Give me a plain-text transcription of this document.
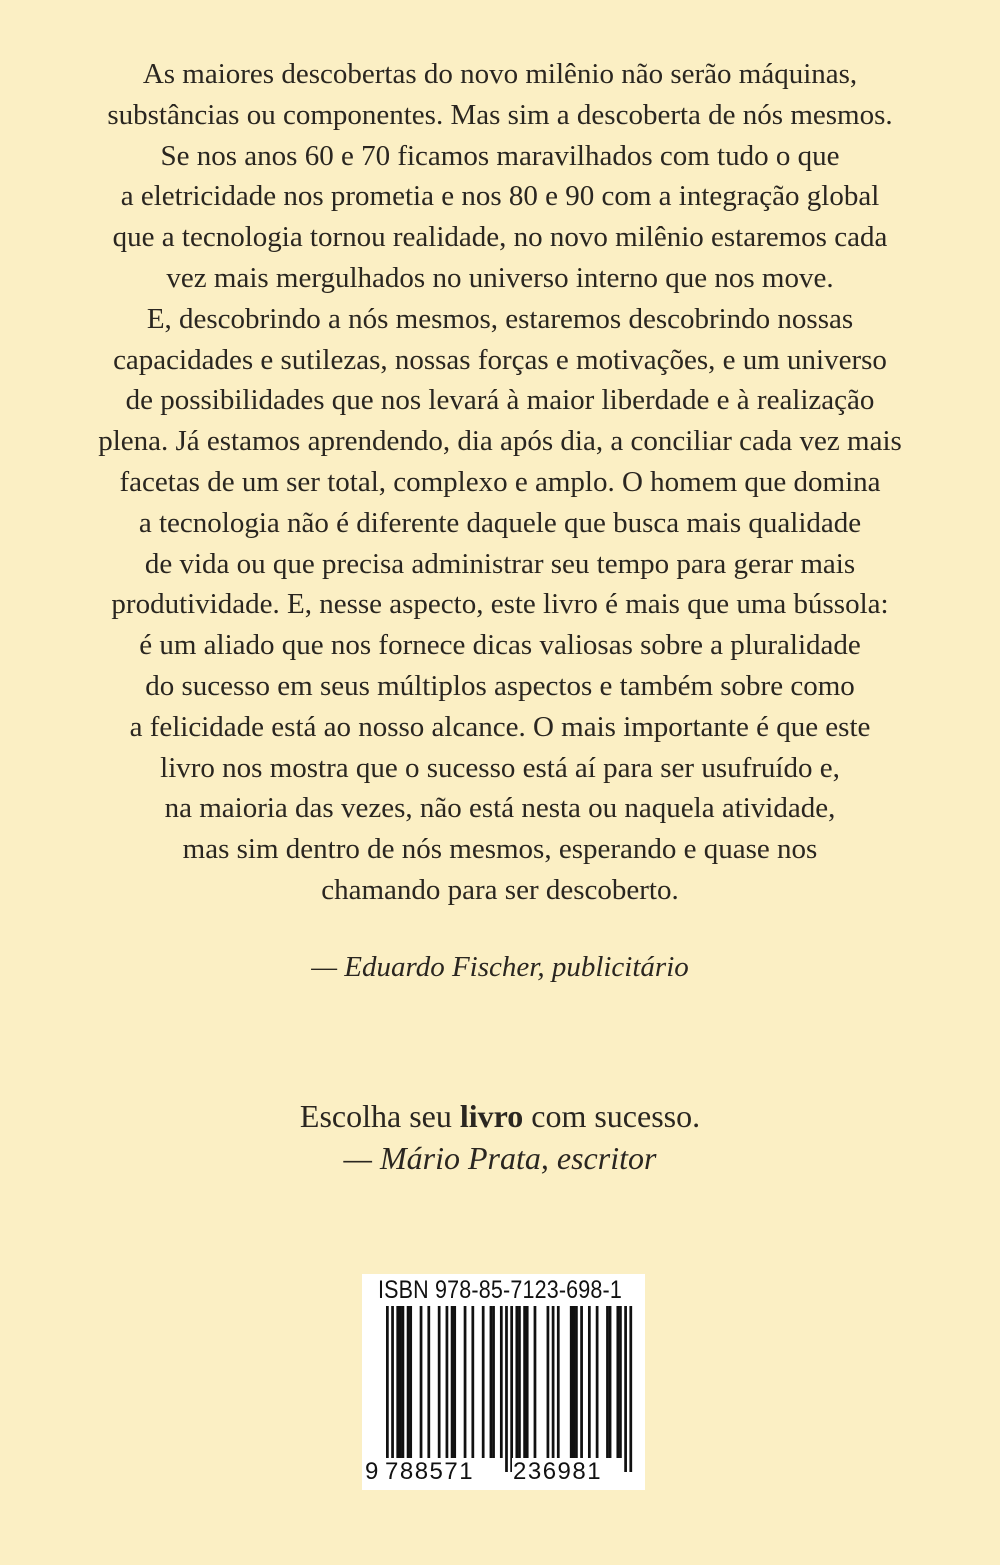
As maiores descobertas do novo milênio não serão máquinas,
substâncias ou componentes. Mas sim a descoberta de nós mesmos.
Se nos anos 60 e 70 ficamos maravilhados com tudo o que
a eletricidade nos prometia e nos 80 e 90 com a integração global
que a tecnologia tornou realidade, no novo milênio estaremos cada
vez mais mergulhados no universo interno que nos move.
E, descobrindo a nós mesmos, estaremos descobrindo nossas
capacidades e sutilezas, nossas forças e motivações, e um universo
de possibilidades que nos levará à maior liberdade e à realização
plena. Já estamos aprendendo, dia após dia, a conciliar cada vez mais
facetas de um ser total, complexo e amplo. O homem que domina
a tecnologia não é diferente daquele que busca mais qualidade
de vida ou que precisa administrar seu tempo para gerar mais
produtividade. E, nesse aspecto, este livro é mais que uma bússola:
é um aliado que nos fornece dicas valiosas sobre a pluralidade
do sucesso em seus múltiplos aspectos e também sobre como
a felicidade está ao nosso alcance. O mais importante é que este
livro nos mostra que o sucesso está aí para ser usufruído e,
na maioria das vezes, não está nesta ou naquela atividade,
mas sim dentro de nós mesmos, esperando e quase nos
chamando para ser descoberto.
— Eduardo Fischer, publicitário
Escolha seu livro com sucesso.
— Mário Prata, escritor
ISBN 978-85-7123-698-1
9 788571 236981
